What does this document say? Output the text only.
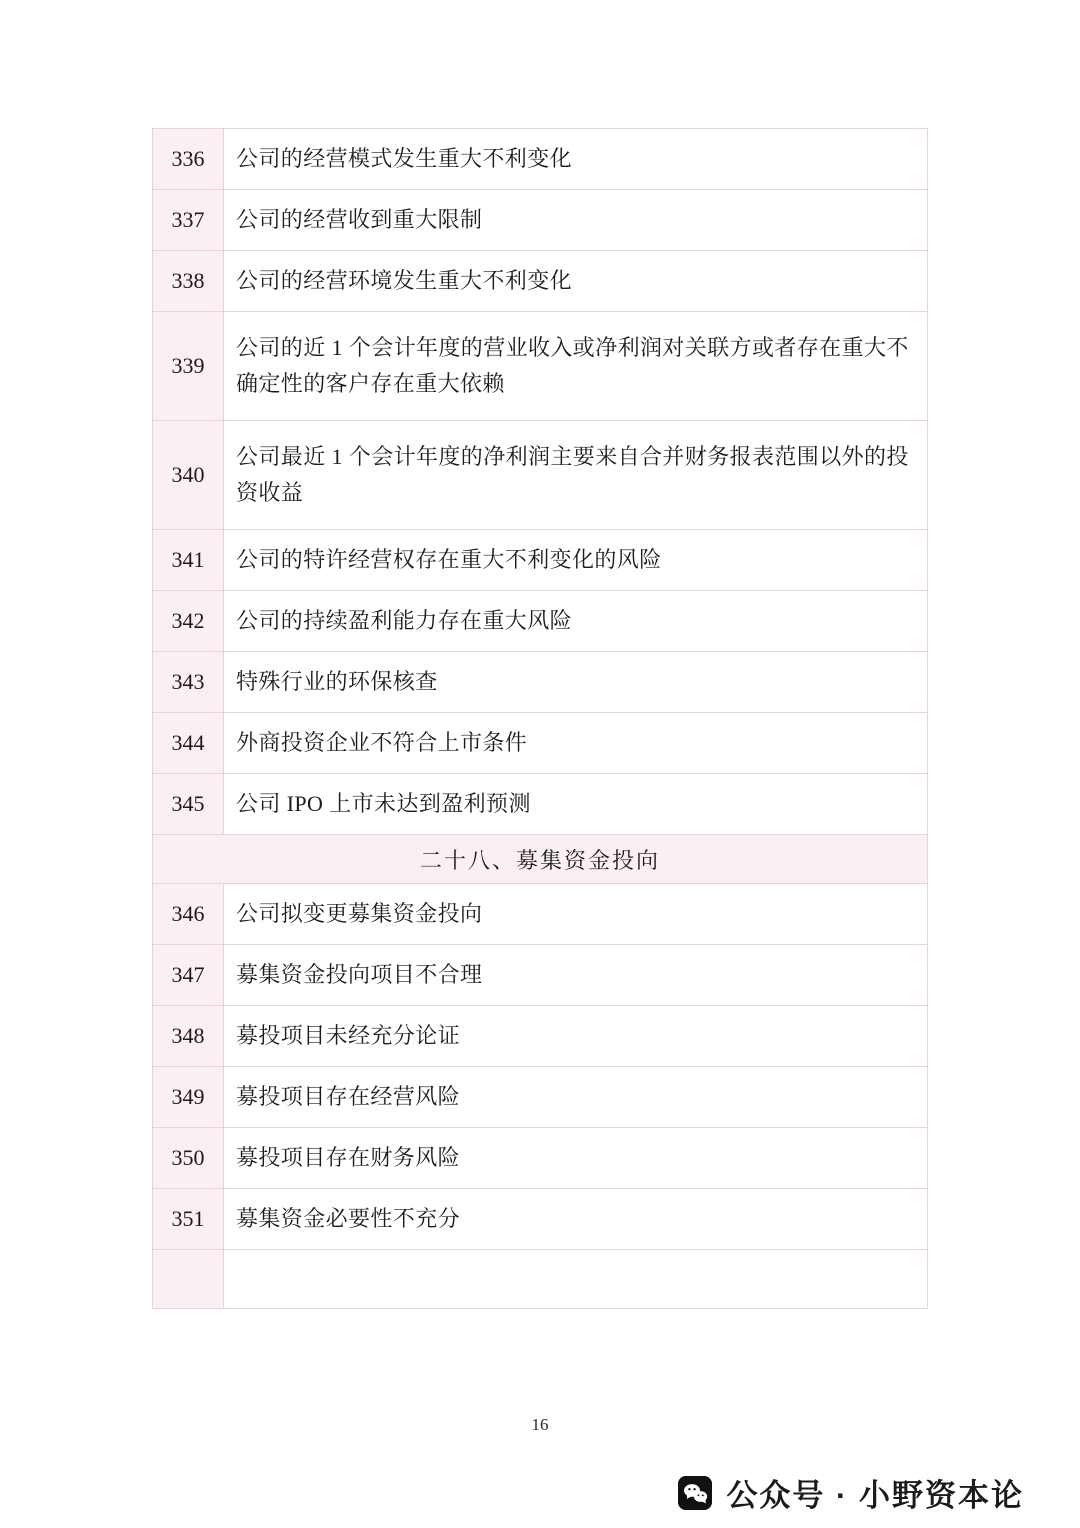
336	公司的经营模式发生重大不利变化
337	公司的经营收到重大限制
338	公司的经营环境发生重大不利变化
339	公司的近 1 个会计年度的营业收入或净利润对关联方或者存在重大不确定性的客户存在重大依赖
340	公司最近 1 个会计年度的净利润主要来自合并财务报表范围以外的投资收益
341	公司的特许经营权存在重大不利变化的风险
342	公司的持续盈利能力存在重大风险
343	特殊行业的环保核查
344	外商投资企业不符合上市条件
345	公司 IPO 上市未达到盈利预测
二十八、募集资金投向	
346	公司拟变更募集资金投向
347	募集资金投向项目不合理
348	募投项目未经充分论证
349	募投项目存在经营风险
350	募投项目存在财务风险
351	募集资金必要性不充分

16
公众号 · 小野资本论
